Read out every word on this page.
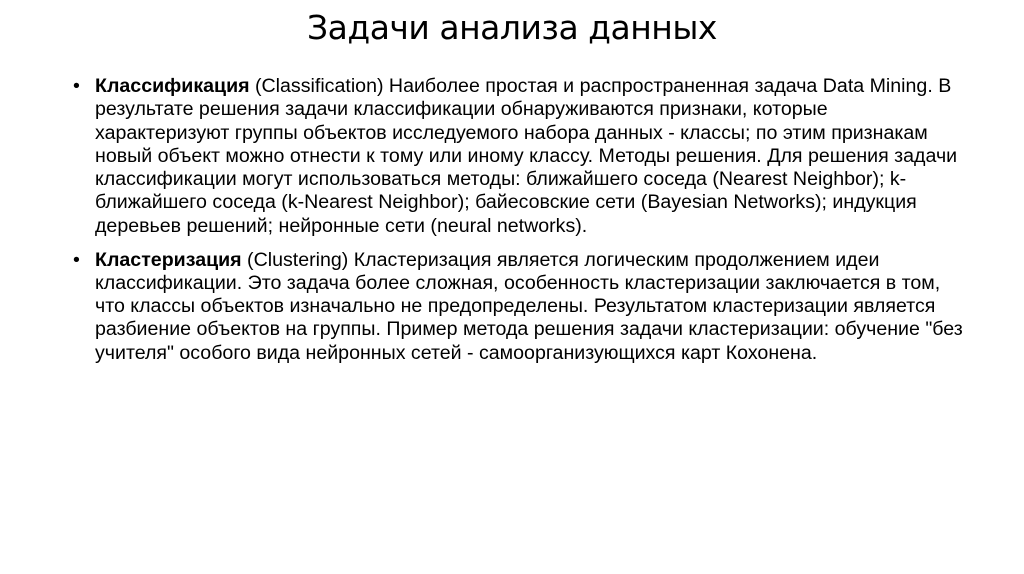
Задачи анализа данных
• Классификация (Classification) Наиболее простая и распространенная задача Data Mining. В результате решения задачи классификации обнаруживаются признаки, которые характеризуют группы объектов исследуемого набора данных - классы; по этим признакам новый объект можно отнести к тому или иному классу. Методы решения. Для решения задачи классификации могут использоваться методы: ближайшего соседа (Nearest Neighbor); k-ближайшего соседа (k-Nearest Neighbor); байесовские сети (Bayesian Networks); индукция деревьев решений; нейронные сети (neural networks).
• Кластеризация (Clustering) Кластеризация является логическим продолжением идеи классификации. Это задача более сложная, особенность кластеризации заключается в том, что классы объектов изначально не предопределены. Результатом кластеризации является разбиение объектов на группы. Пример метода решения задачи кластеризации: обучение "без учителя" особого вида нейронных сетей - самоорганизующихся карт Кохонена.
